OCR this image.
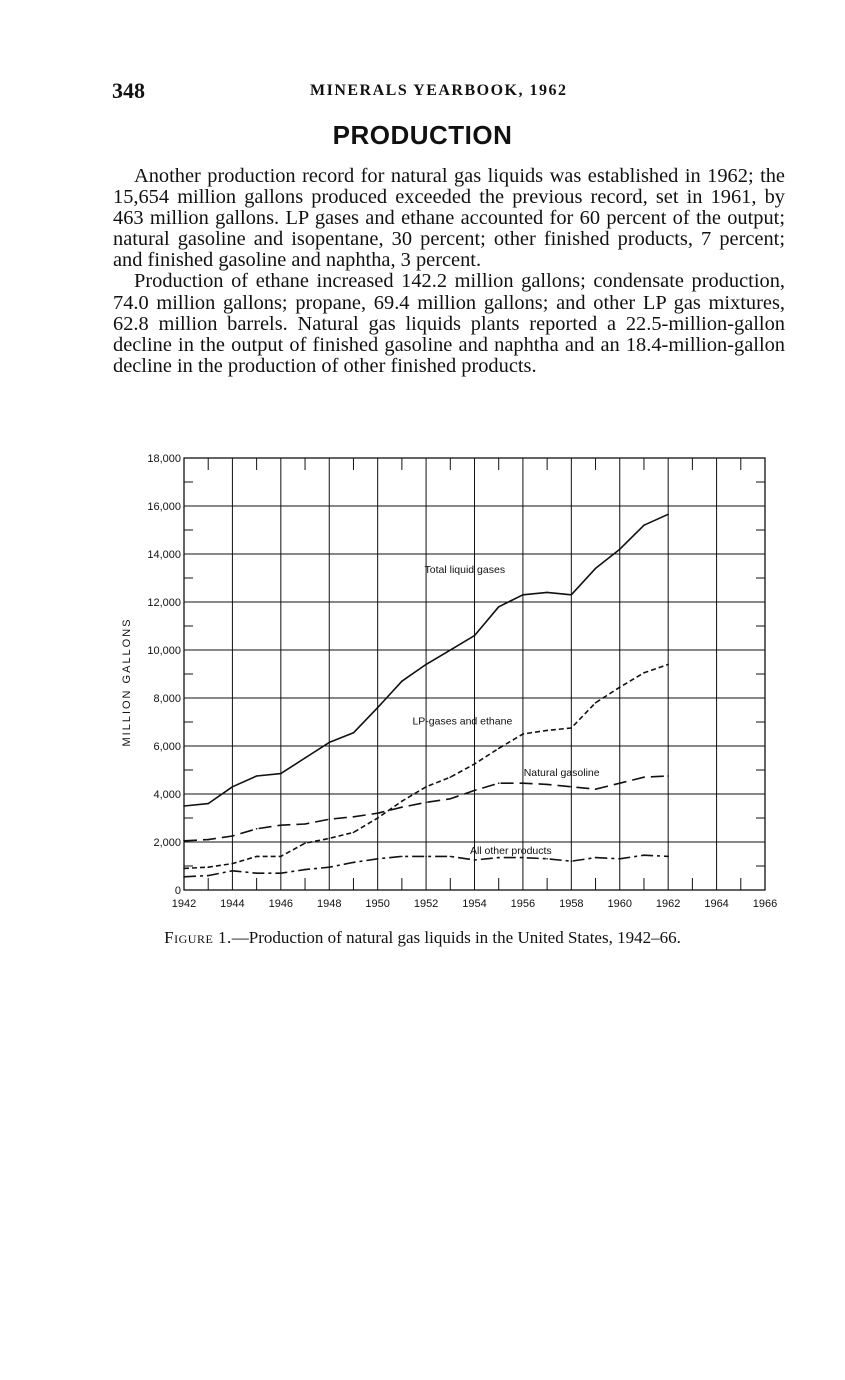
348	MINERALS YEARBOOK, 1962
PRODUCTION

Another production record for natural gas liquids was established in 1962; the 15,654 million gallons produced exceeded the previous record, set in 1961, by 463 million gallons. LP gases and ethane accounted for 60 percent of the output; natural gasoline and isopentane, 30 percent; other finished products, 7 percent; and finished gasoline and naphtha, 3 percent.

Production of ethane increased 142.2 million gallons; condensate production, 74.0 million gallons; propane, 69.4 million gallons; and other LP gas mixtures, 62.8 million barrels. Natural gas liquids plants reported a 22.5-million-gallon decline in the output of finished gasoline and naphtha and an 18.4-million-gallon decline in the production of other finished products.

0
2,000
4,000
6,000
8,000
10,000
12,000
14,000
16,000
18,000
1942 1944 1946 1948 1950 1952 1954 1956 1958 1960 1962 1964 1966
MILLION GALLONS
Total liquid gases
LP-gases and ethane
Natural gasoline
All other products
Figure 1.—Production of natural gas liquids in the United States, 1942–66.
